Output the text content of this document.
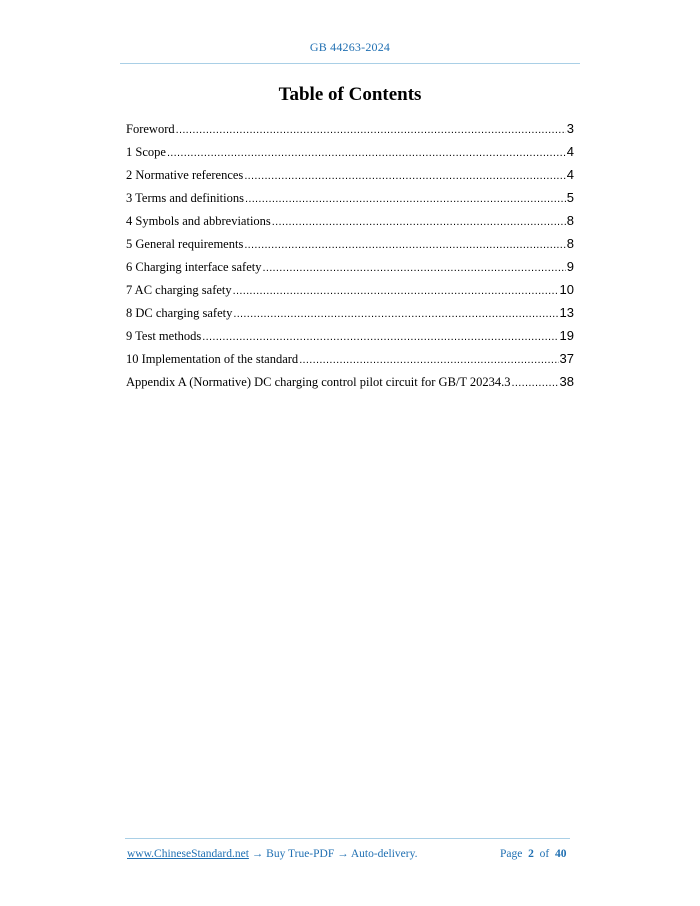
GB 44263-2024
Table of Contents
Foreword .....	3
1 Scope .....	4
2 Normative references .....	4
3 Terms and definitions .....	5
4 Symbols and abbreviations .....	8
5 General requirements .....	8
6 Charging interface safety .....	9
7 AC charging safety .....	10
8 DC charging safety .....	13
9 Test methods .....	19
10 Implementation of the standard .....	37
Appendix A (Normative) DC charging control pilot circuit for GB/T 20234.3 .....	38
www.ChineseStandard.net → Buy True-PDF → Auto-delivery.	Page 2 of 40
